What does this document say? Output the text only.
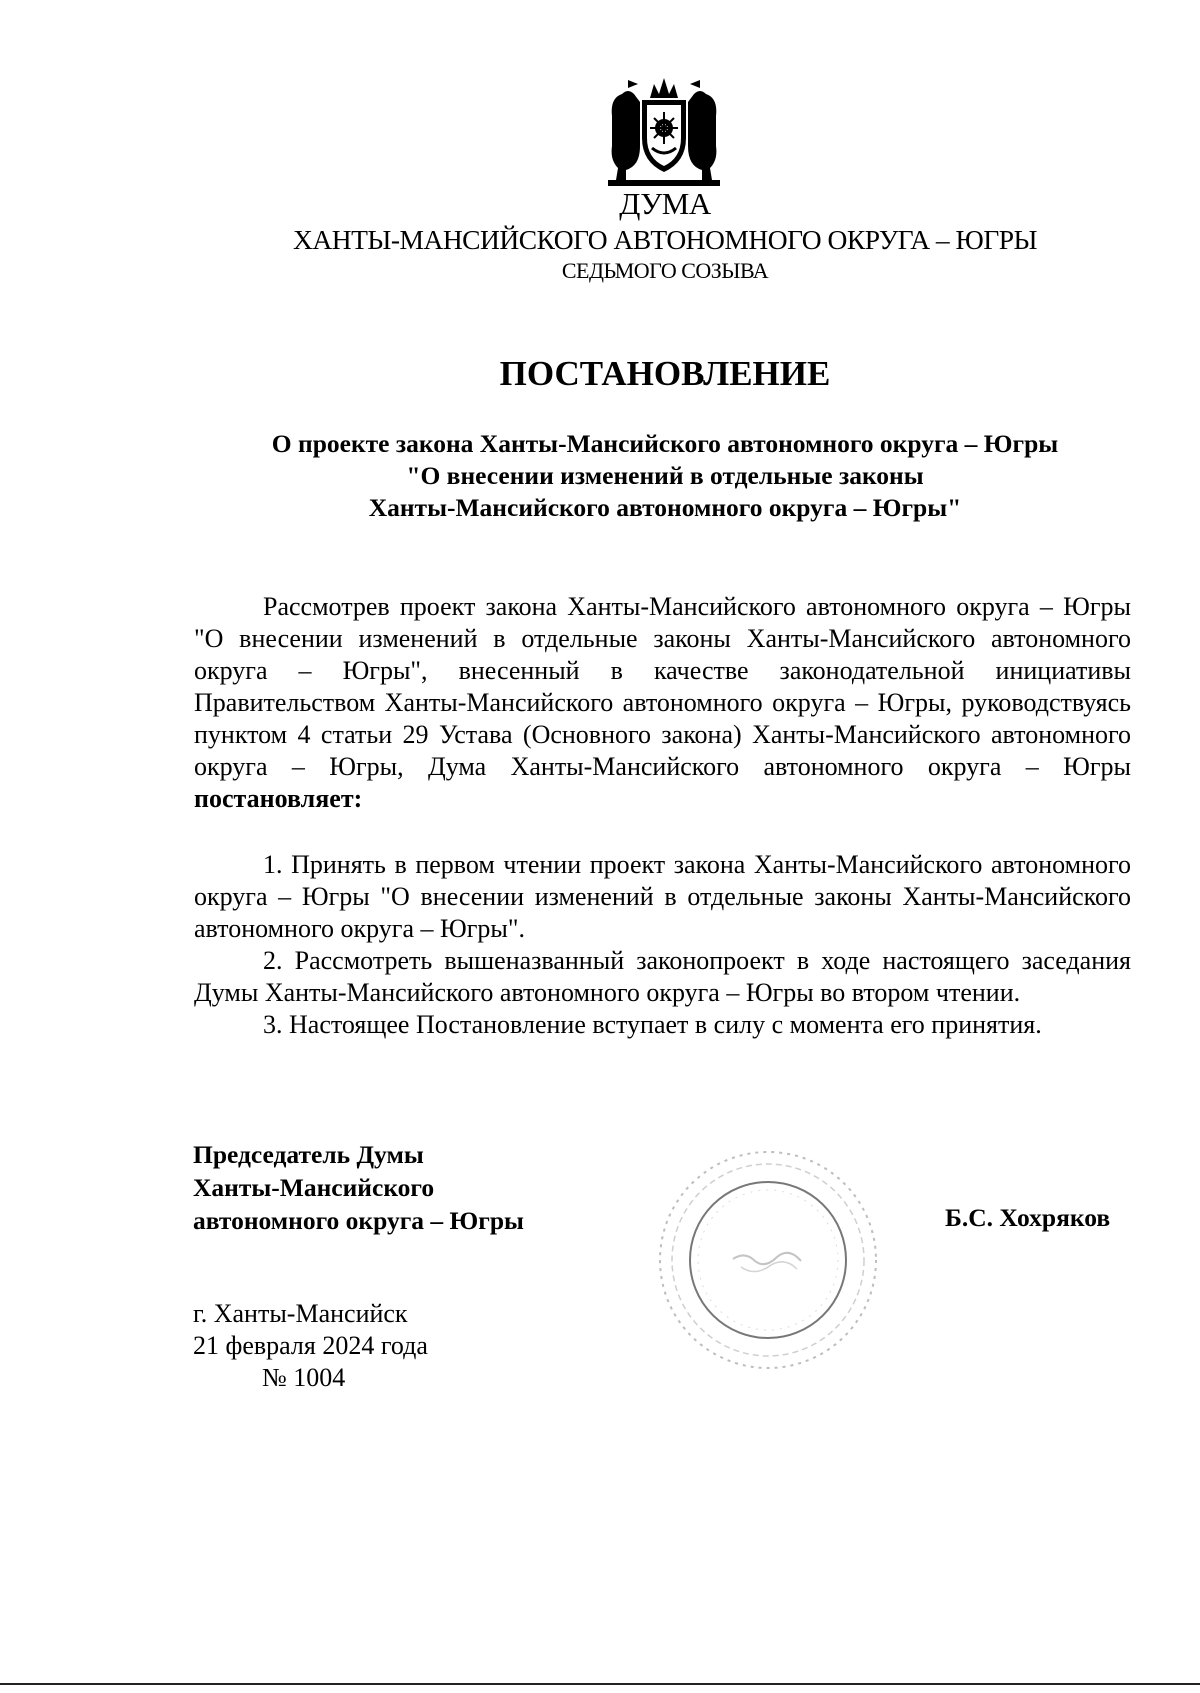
ДУМА
ХАНТЫ-МАНСИЙСКОГО АВТОНОМНОГО ОКРУГА – ЮГРЫ
СЕДЬМОГО СОЗЫВА
ПОСТАНОВЛЕНИЕ
О проекте закона Ханты-Мансийского автономного округа – Югры
"О внесении изменений в отдельные законы
Ханты-Мансийского автономного округа – Югры"

Рассмотрев проект закона Ханты-Мансийского автономного округа – Югры "О внесении изменений в отдельные законы Ханты-Мансийского автономного округа – Югры", внесенный в качестве законодательной инициативы Правительством Ханты-Мансийского автономного округа – Югры, руководствуясь пунктом 4 статьи 29 Устава (Основного закона) Ханты-Мансийского автономного округа – Югры, Дума Ханты-Мансийского автономного округа – Югры постановляет:

1. Принять в первом чтении проект закона Ханты-Мансийского автономного округа – Югры "О внесении изменений в отдельные законы Ханты-Мансийского автономного округа – Югры".

2. Рассмотреть вышеназванный законопроект в ходе настоящего заседания Думы Ханты-Мансийского автономного округа – Югры во втором чтении.

3. Настоящее Постановление вступает в силу с момента его принятия.

Председатель Думы
Ханты-Мансийского
автономного округа – Югры	Б.С. Хохряков
г. Ханты-Мансийск
21 февраля 2024 года
№ 1004
